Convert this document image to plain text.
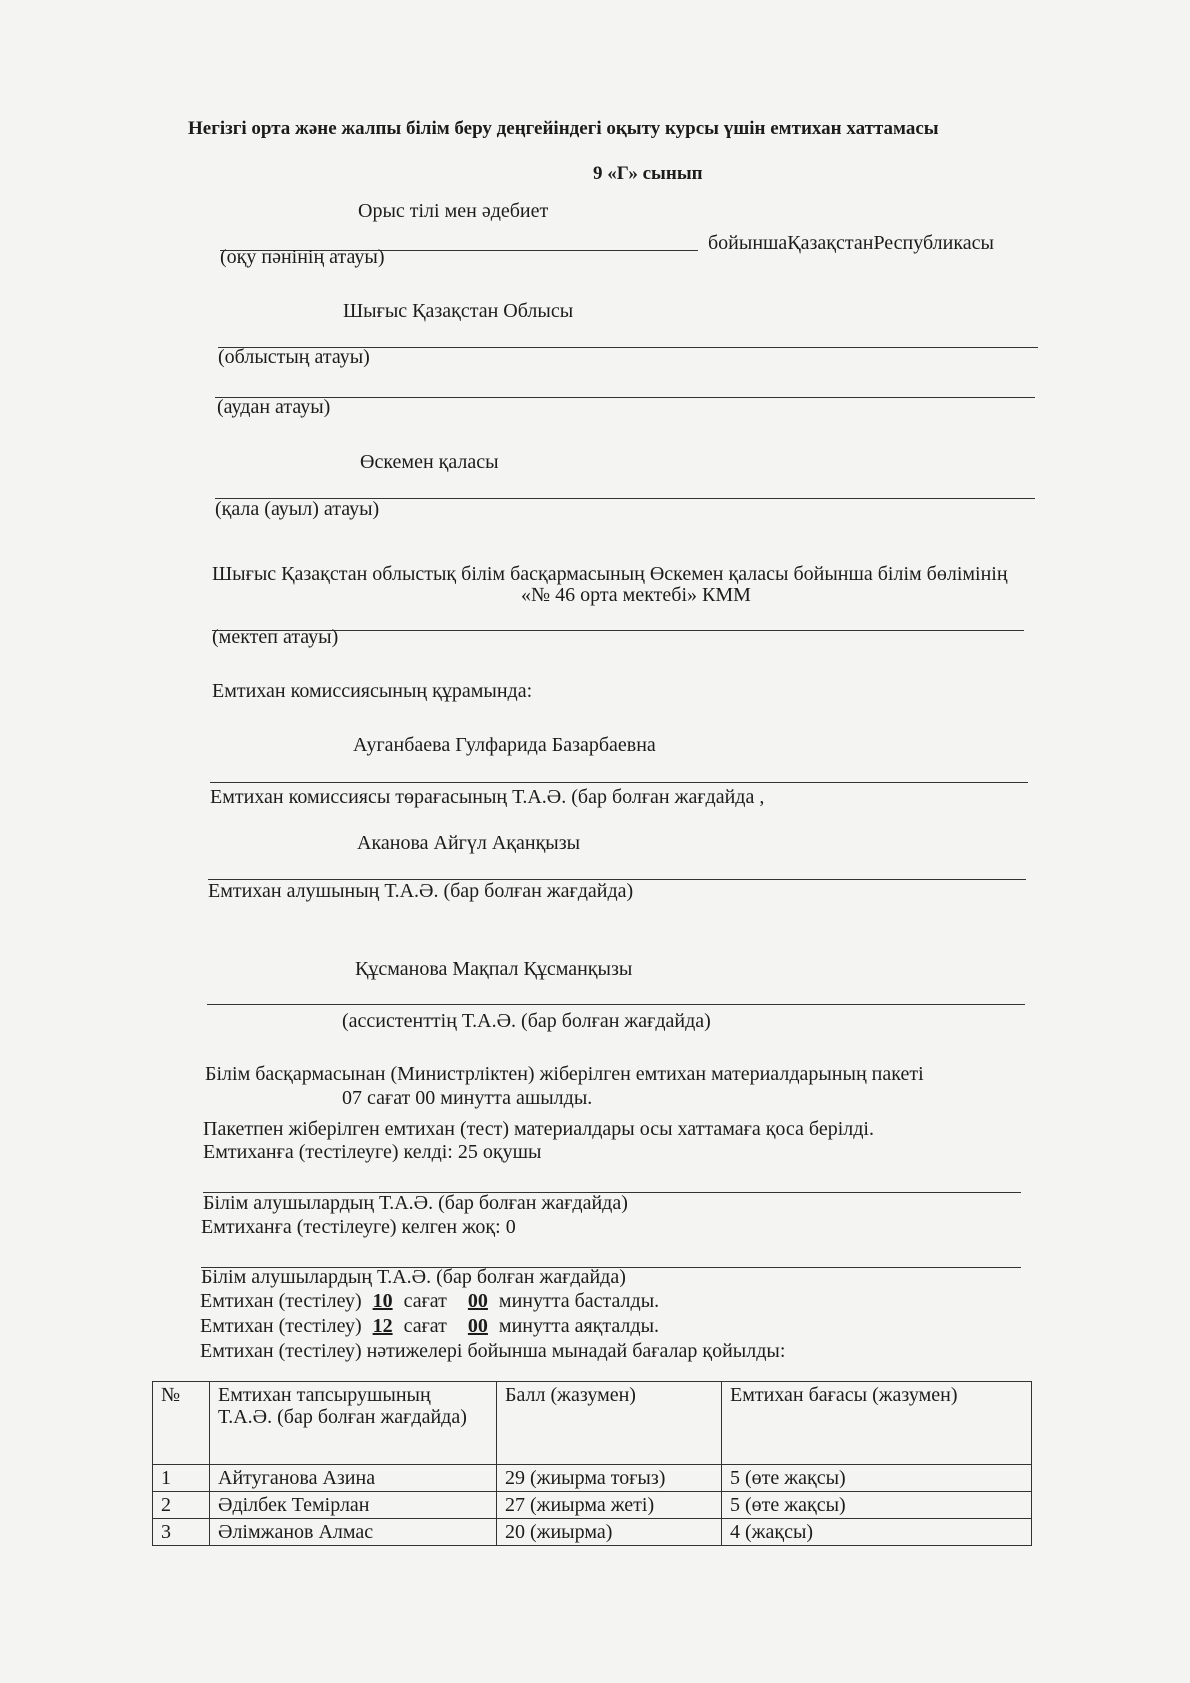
Негізгі орта және жалпы білім беру деңгейіндегі оқыту курсы үшін емтихан хаттамасы
9 «Г» сынып
Орыс тілі мен әдебиет
бойыншаҚазақстанРеспубликасы
(оқу пәнінің атауы)
Шығыс Қазақстан Облысы
(облыстың атауы)
(аудан атауы)
Өскемен қаласы
(қала (ауыл) атауы)
Шығыс Қазақстан облыстық білім басқармасының Өскемен қаласы бойынша білім бөлімінің
«№ 46 орта мектебі» КММ
(мектеп атауы)
Емтихан комиссиясының құрамында:
Ауганбаева Гулфарида Базарбаевна
Емтихан комиссиясы төрағасының Т.А.Ә. (бар болған жағдайда ,
Аканова Айгүл Ақанқызы
Емтихан алушының Т.А.Ә. (бар болған жағдайда)
Құсманова Мақпал Құсманқызы
(ассистенттің Т.А.Ә. (бар болған жағдайда)
Білім басқармасынан (Министрліктен) жіберілген емтихан материалдарының пакеті
07 сағат 00 минутта ашылды.
Пакетпен жіберілген емтихан (тест) материалдары осы хаттамаға қоса берілді.
Емтиханға (тестілеуге) келді: 25 оқушы
Білім алушылардың Т.А.Ә. (бар болған жағдайда)
Емтиханға (тестілеуге) келген жоқ: 0
Білім алушылардың Т.А.Ә. (бар болған жағдайда)
Емтихан (тестілеу) 10 сағат 00 минутта басталды.
Емтихан (тестілеу) 12 сағат 00 минутта аяқталды.
Емтихан (тестілеу) нәтижелері бойынша мынадай бағалар қойылды:
№	Емтихан тапсырушының Т.А.Ә. (бар болған жағдайда)	Балл (жазумен)	Емтихан бағасы (жазумен)
1	Айтуганова Азина	29 (жиырма тоғыз)	5 (өте жақсы)
2	Әділбек Темірлан	27 (жиырма жеті)	5 (өте жақсы)
3	Әлімжанов Алмас	20 (жиырма)	4 (жақсы)
